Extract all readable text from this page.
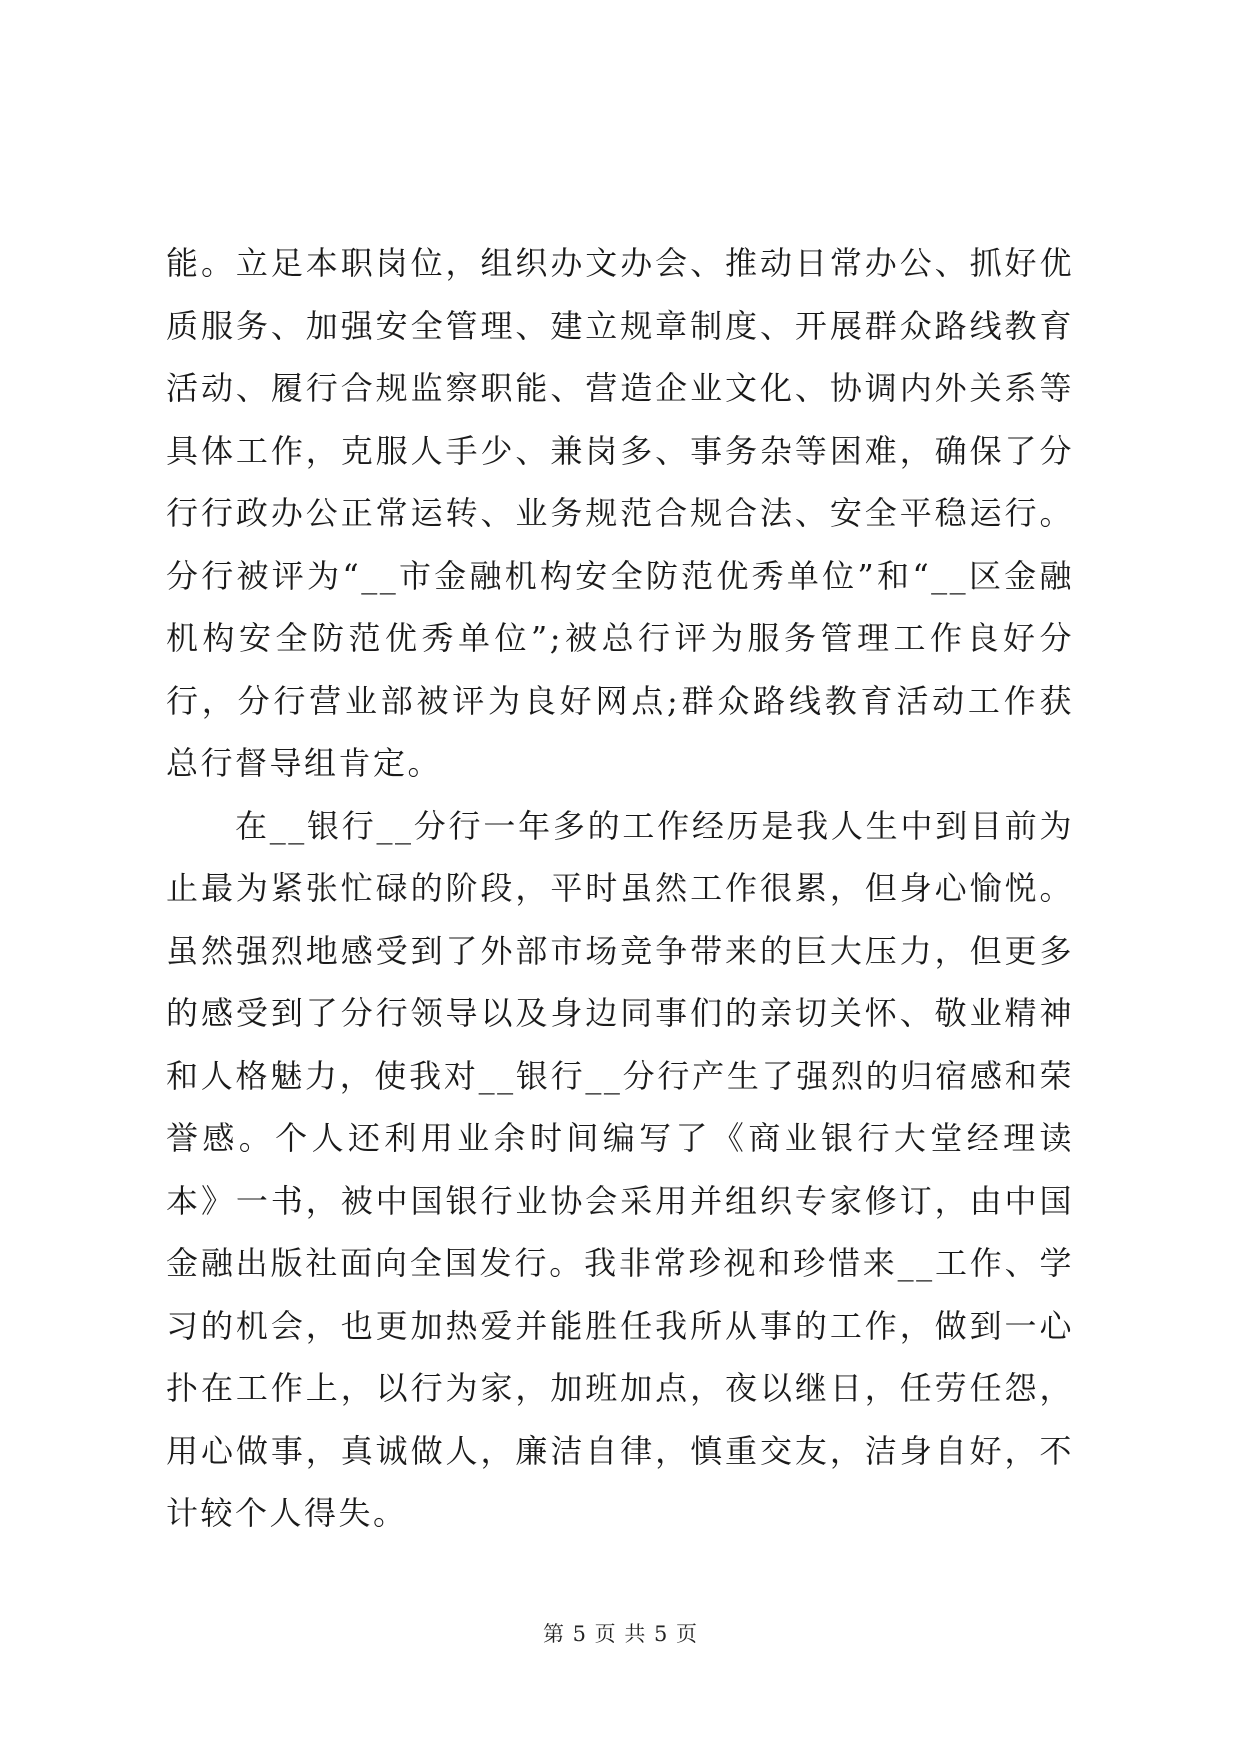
能。立足本职岗位，组织办文办会、推动日常办公、抓好优质服务、加强安全管理、建立规章制度、开展群众路线教育活动、履行合规监察职能、营造企业文化、协调内外关系等具体工作，克服人手少、兼岗多、事务杂等困难，确保了分行行政办公正常运转、业务规范合规合法、安全平稳运行。分行被评为“__市金融机构安全防范优秀单位”和“__区金融机构安全防范优秀单位”;被总行评为服务管理工作良好分行，分行营业部被评为良好网点;群众路线教育活动工作获总行督导组肯定。

在__银行__分行一年多的工作经历是我人生中到目前为止最为紧张忙碌的阶段，平时虽然工作很累，但身心愉悦。虽然强烈地感受到了外部市场竞争带来的巨大压力，但更多的感受到了分行领导以及身边同事们的亲切关怀、敬业精神和人格魅力，使我对__银行__分行产生了强烈的归宿感和荣誉感。个人还利用业余时间编写了《商业银行大堂经理读本》一书，被中国银行业协会采用并组织专家修订，由中国金融出版社面向全国发行。我非常珍视和珍惜来__工作、学习的机会，也更加热爱并能胜任我所从事的工作，做到一心扑在工作上，以行为家，加班加点，夜以继日，任劳任怨，用心做事，真诚做人，廉洁自律，慎重交友，洁身自好，不计较个人得失。

第 5 页 共 5 页
